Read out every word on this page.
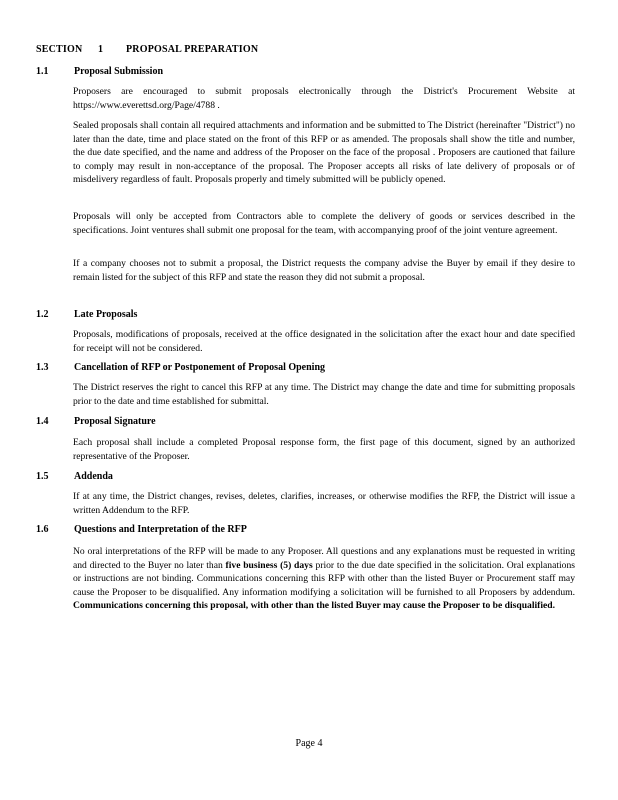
SECTION 1 PROPOSAL PREPARATION
1.1	Proposal Submission
Proposers are encouraged to submit proposals electronically through the District's Procurement Website at https://www.everettsd.org/Page/4788 .
Sealed proposals shall contain all required attachments and information and be submitted to The District (hereinafter "District") no later than the date, time and place stated on the front of this RFP or as amended. The proposals shall show the title and number, the due date specified, and the name and address of the Proposer on the face of the proposal . Proposers are cautioned that failure to comply may result in non-acceptance of the proposal. The Proposer accepts all risks of late delivery of proposals or of misdelivery regardless of fault. Proposals properly and timely submitted will be publicly opened.
Proposals will only be accepted from Contractors able to complete the delivery of goods or services described in the specifications. Joint ventures shall submit one proposal for the team, with accompanying proof of the joint venture agreement.
If a company chooses not to submit a proposal, the District requests the company advise the Buyer by email if they desire to remain listed for the subject of this RFP and state the reason they did not submit a proposal.
1.2	Late Proposals
Proposals, modifications of proposals, received at the office designated in the solicitation after the exact hour and date specified for receipt will not be considered.
1.3	Cancellation of RFP or Postponement of Proposal Opening
The District reserves the right to cancel this RFP at any time. The District may change the date and time for submitting proposals prior to the date and time established for submittal.
1.4	Proposal Signature
Each proposal shall include a completed Proposal response form, the first page of this document, signed by an authorized representative of the Proposer.
1.5	Addenda
If at any time, the District changes, revises, deletes, clarifies, increases, or otherwise modifies the RFP, the District will issue a written Addendum to the RFP.
1.6	Questions and Interpretation of the RFP
No oral interpretations of the RFP will be made to any Proposer. All questions and any explanations must be requested in writing and directed to the Buyer no later than five business (5) days prior to the due date specified in the solicitation. Oral explanations or instructions are not binding. Communications concerning this RFP with other than the listed Buyer or Procurement staff may cause the Proposer to be disqualified. Any information modifying a solicitation will be furnished to all Proposers by addendum. Communications concerning this proposal, with other than the listed Buyer may cause the Proposer to be disqualified.
Page 4
